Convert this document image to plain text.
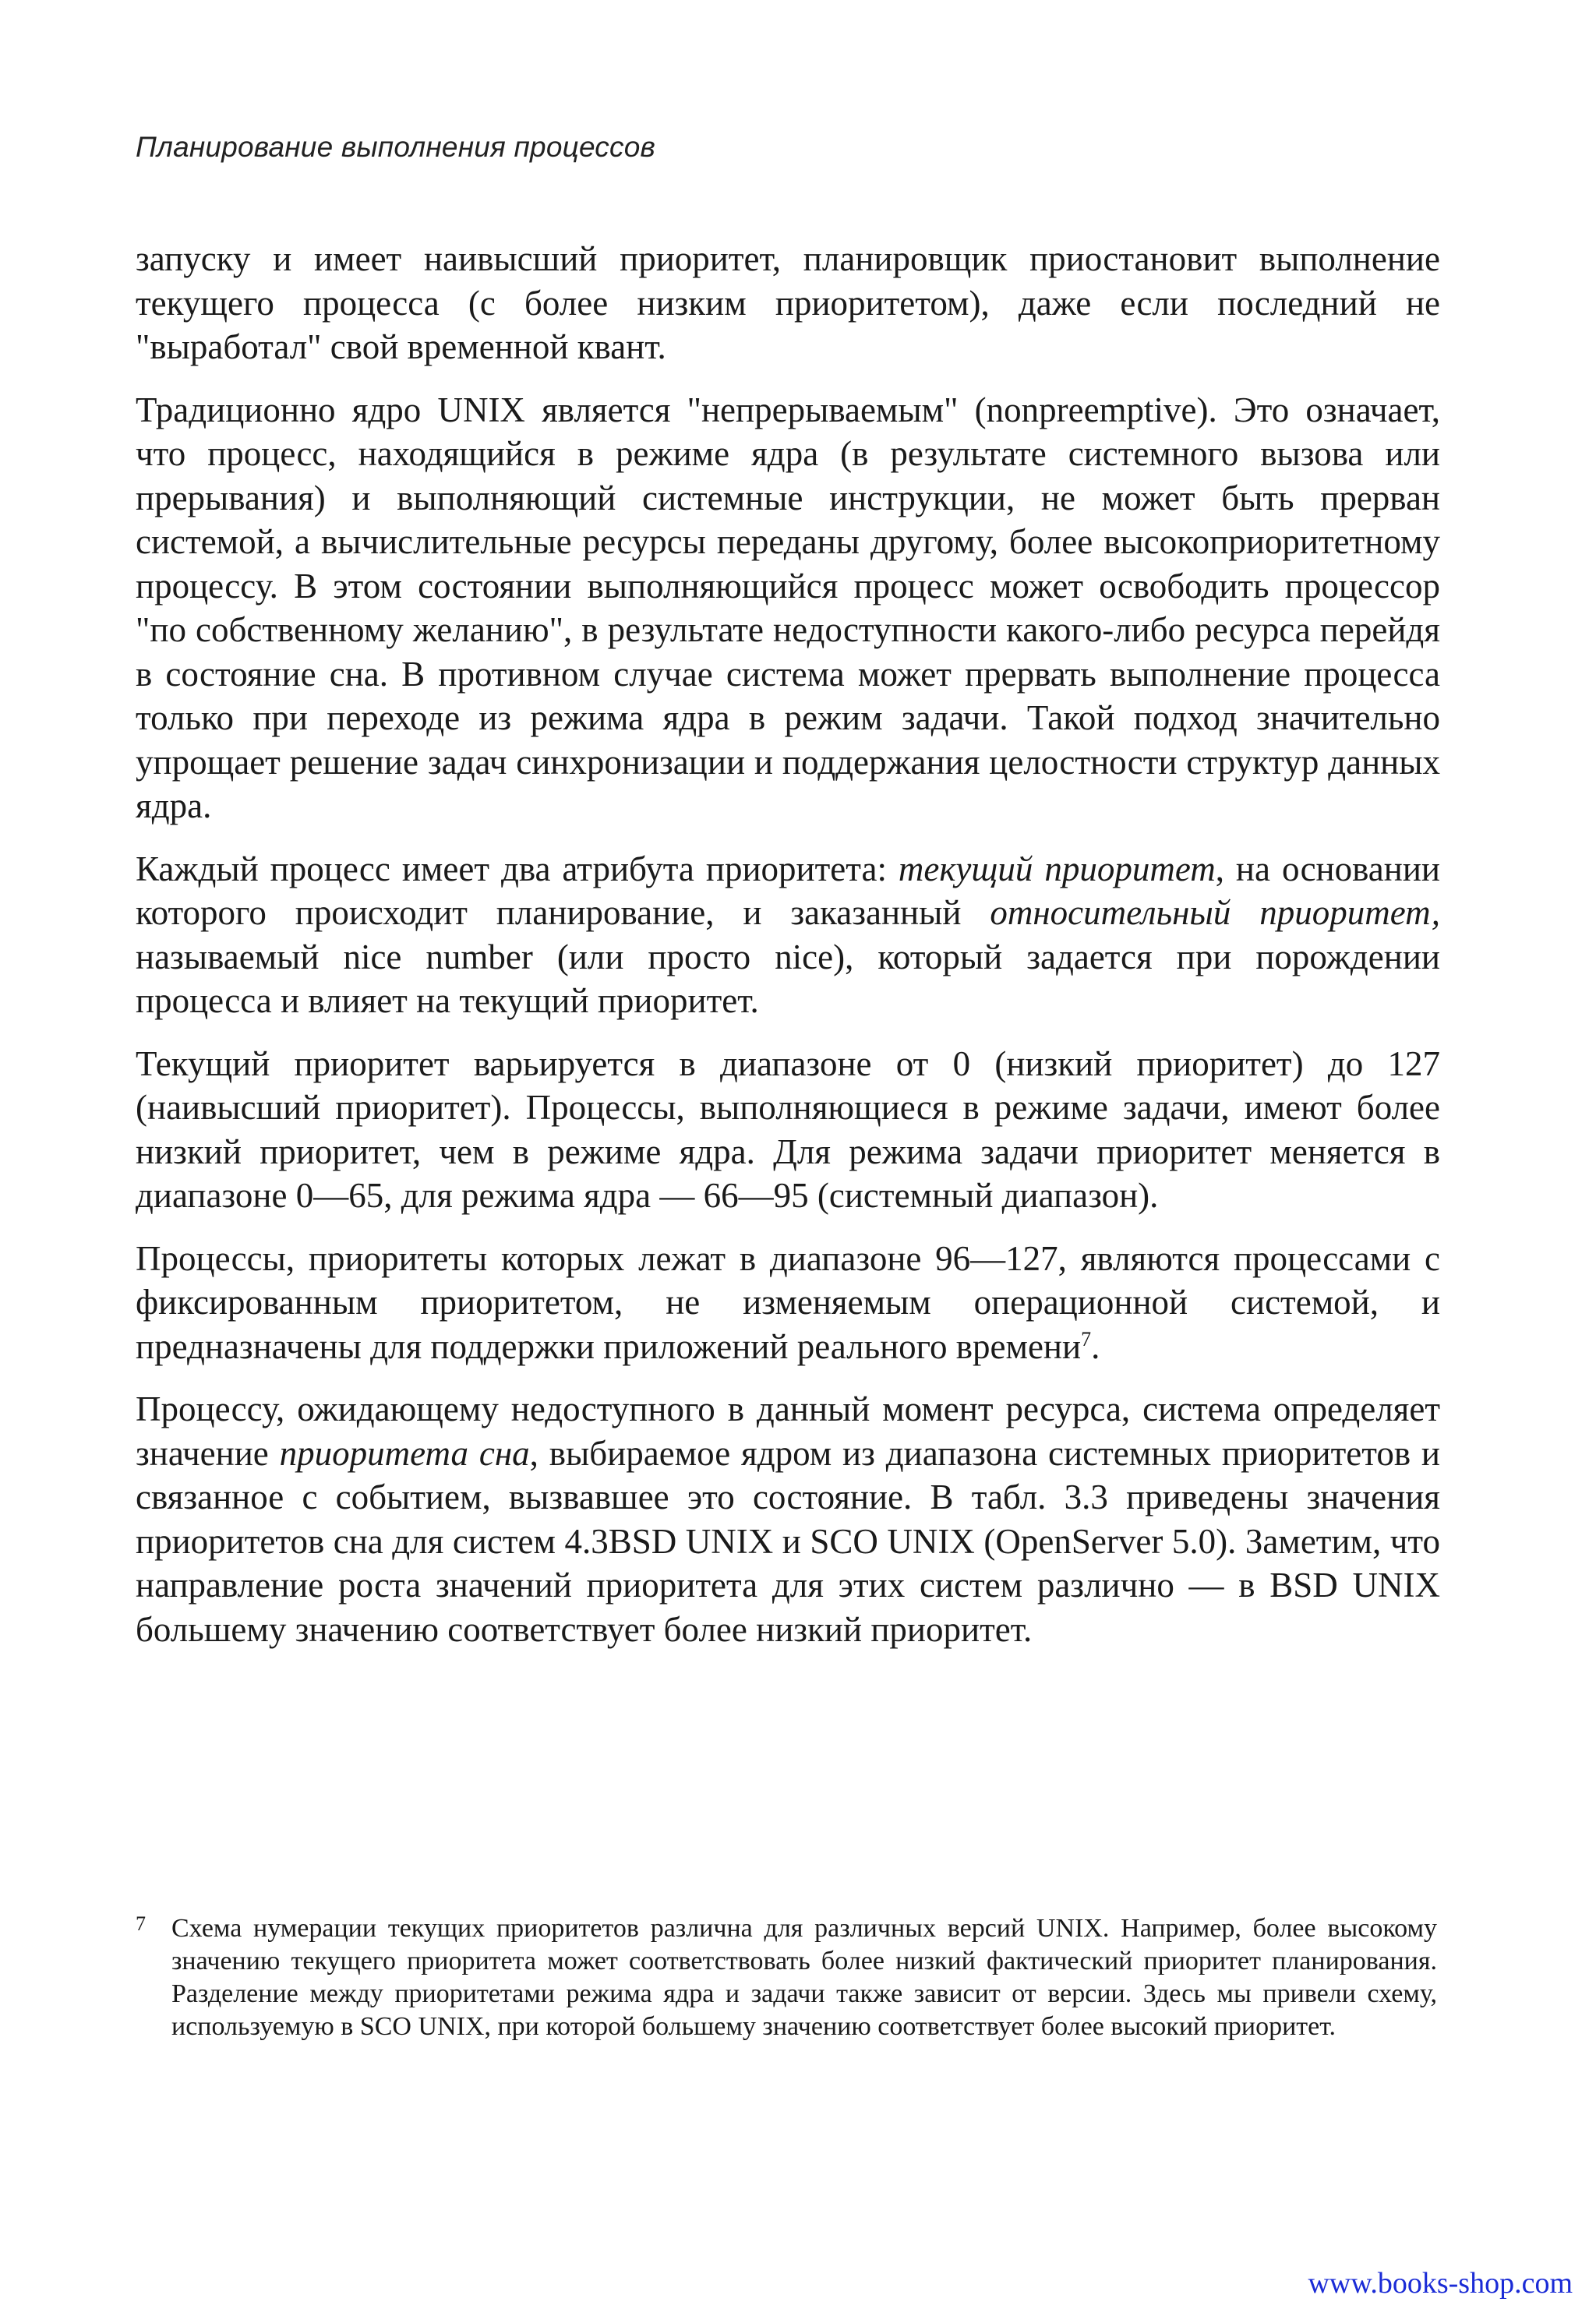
Планирование выполнения процессов

запуску и имеет наивысший приоритет, планировщик приостановит выполнение текущего процесса (с более низким приоритетом), даже если последний не "выработал" свой временной квант.

Традиционно ядро UNIX является "непрерываемым" (nonpreemptive). Это означает, что процесс, находящийся в режиме ядра (в результате системного вызова или прерывания) и выполняющий системные инструкции, не может быть прерван системой, а вычислительные ресурсы переданы другому, более высокоприоритетному процессу. В этом состоянии выполняющийся процесс может освободить процессор "по собственному желанию", в результате недоступности какого-либо ресурса перейдя в состояние сна. В противном случае система может прервать выполнение процесса только при переходе из режима ядра в режим задачи. Такой подход значительно упрощает решение задач синхронизации и поддержания целостности структур данных ядра.

Каждый процесс имеет два атрибута приоритета: текущий приоритет, на основании которого происходит планирование, и заказанный относительный приоритет, называемый nice number (или просто nice), который задается при порождении процесса и влияет на текущий приоритет.

Текущий приоритет варьируется в диапазоне от 0 (низкий приоритет) до 127 (наивысший приоритет). Процессы, выполняющиеся в режиме задачи, имеют более низкий приоритет, чем в режиме ядра. Для режима задачи приоритет меняется в диапазоне 0—65, для режима ядра — 66—95 (системный диапазон).

Процессы, приоритеты которых лежат в диапазоне 96—127, являются процессами с фиксированным приоритетом, не изменяемым операционной системой, и предназначены для поддержки приложений реального времени$^7$.

Процессу, ожидающему недоступного в данный момент ресурса, система определяет значение приоритета сна, выбираемое ядром из диапазона системных приоритетов и связанное с событием, вызвавшее это состояние. В табл. 3.3 приведены значения приоритетов сна для систем 4.3BSD UNIX и SCO UNIX (OpenServer 5.0). Заметим, что направление роста значений приоритета для этих систем различно — в BSD UNIX большему значению соответствует более низкий приоритет.

7 Схема нумерации текущих приоритетов различна для различных версий UNIX. Например, более высокому значению текущего приоритета может соответствовать более низкий фактический приоритет планирования. Разделение между приоритетами режима ядра и задачи также зависит от версии. Здесь мы привели схему, используемую в SCO UNIX, при которой большему значению соответствует более высокий приоритет.
www.books-shop.com
